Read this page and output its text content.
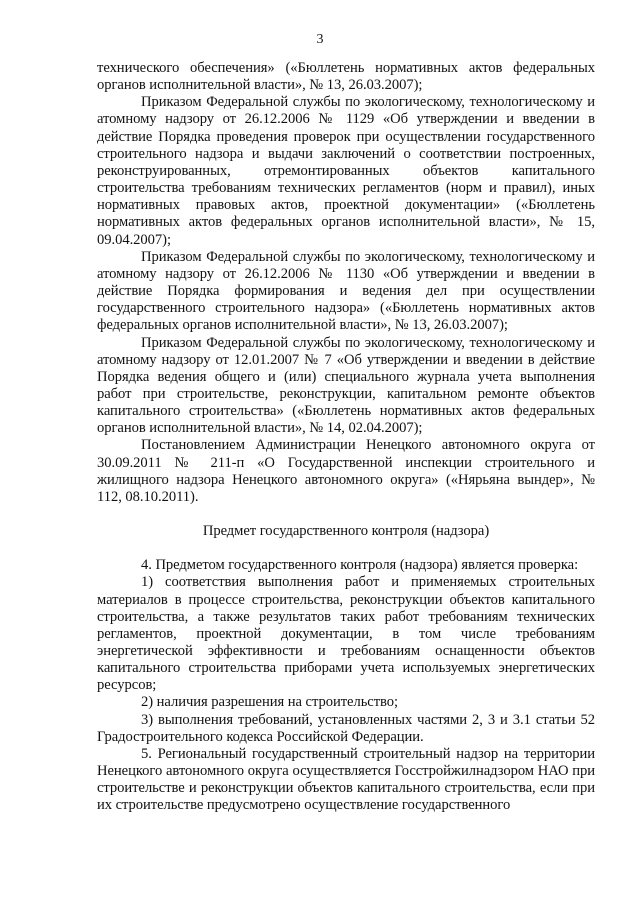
3

технического обеспечения» («Бюллетень нормативных актов федеральных органов исполнительной власти», № 13, 26.03.2007);

Приказом Федеральной службы по экологическому, технологическому и атомному надзору от 26.12.2006 № 1129 «Об утверждении и введении в действие Порядка проведения проверок при осуществлении государственного строительного надзора и выдачи заключений о соответствии построенных, реконструированных, отремонтированных объектов капитального строительства требованиям технических регламентов (норм и правил), иных нормативных правовых актов, проектной документации» («Бюллетень нормативных актов федеральных органов исполнительной власти», № 15, 09.04.2007);

Приказом Федеральной службы по экологическому, технологическому и атомному надзору от 26.12.2006 № 1130 «Об утверждении и введении в действие Порядка формирования и ведения дел при осуществлении государственного строительного надзора» («Бюллетень нормативных актов федеральных органов исполнительной власти», № 13, 26.03.2007);

Приказом Федеральной службы по экологическому, технологическому и атомному надзору от 12.01.2007 № 7 «Об утверждении и введении в действие Порядка ведения общего и (или) специального журнала учета выполнения работ при строительстве, реконструкции, капитальном ремонте объектов капитального строительства» («Бюллетень нормативных актов федеральных органов исполнительной власти», № 14, 02.04.2007);

Постановлением Администрации Ненецкого автономного округа от 30.09.2011 № 211-п «О Государственной инспекции строительного и жилищного надзора Ненецкого автономного округа» («Нярьяна вындер», № 112, 08.10.2011).

Предмет государственного контроля (надзора)

4. Предметом государственного контроля (надзора) является проверка:

1) соответствия выполнения работ и применяемых строительных материалов в процессе строительства, реконструкции объектов капитального строительства, а также результатов таких работ требованиям технических регламентов, проектной документации, в том числе требованиям энергетической эффективности и требованиям оснащенности объектов капитального строительства приборами учета используемых энергетических ресурсов;

2) наличия разрешения на строительство;

3) выполнения требований, установленных частями 2, 3 и 3.1 статьи 52 Градостроительного кодекса Российской Федерации.

5. Региональный государственный строительный надзор на территории Ненецкого автономного округа осуществляется Госстройжилнадзором НАО при строительстве и реконструкции объектов капитального строительства, если при их строительстве предусмотрено осуществление государственного
